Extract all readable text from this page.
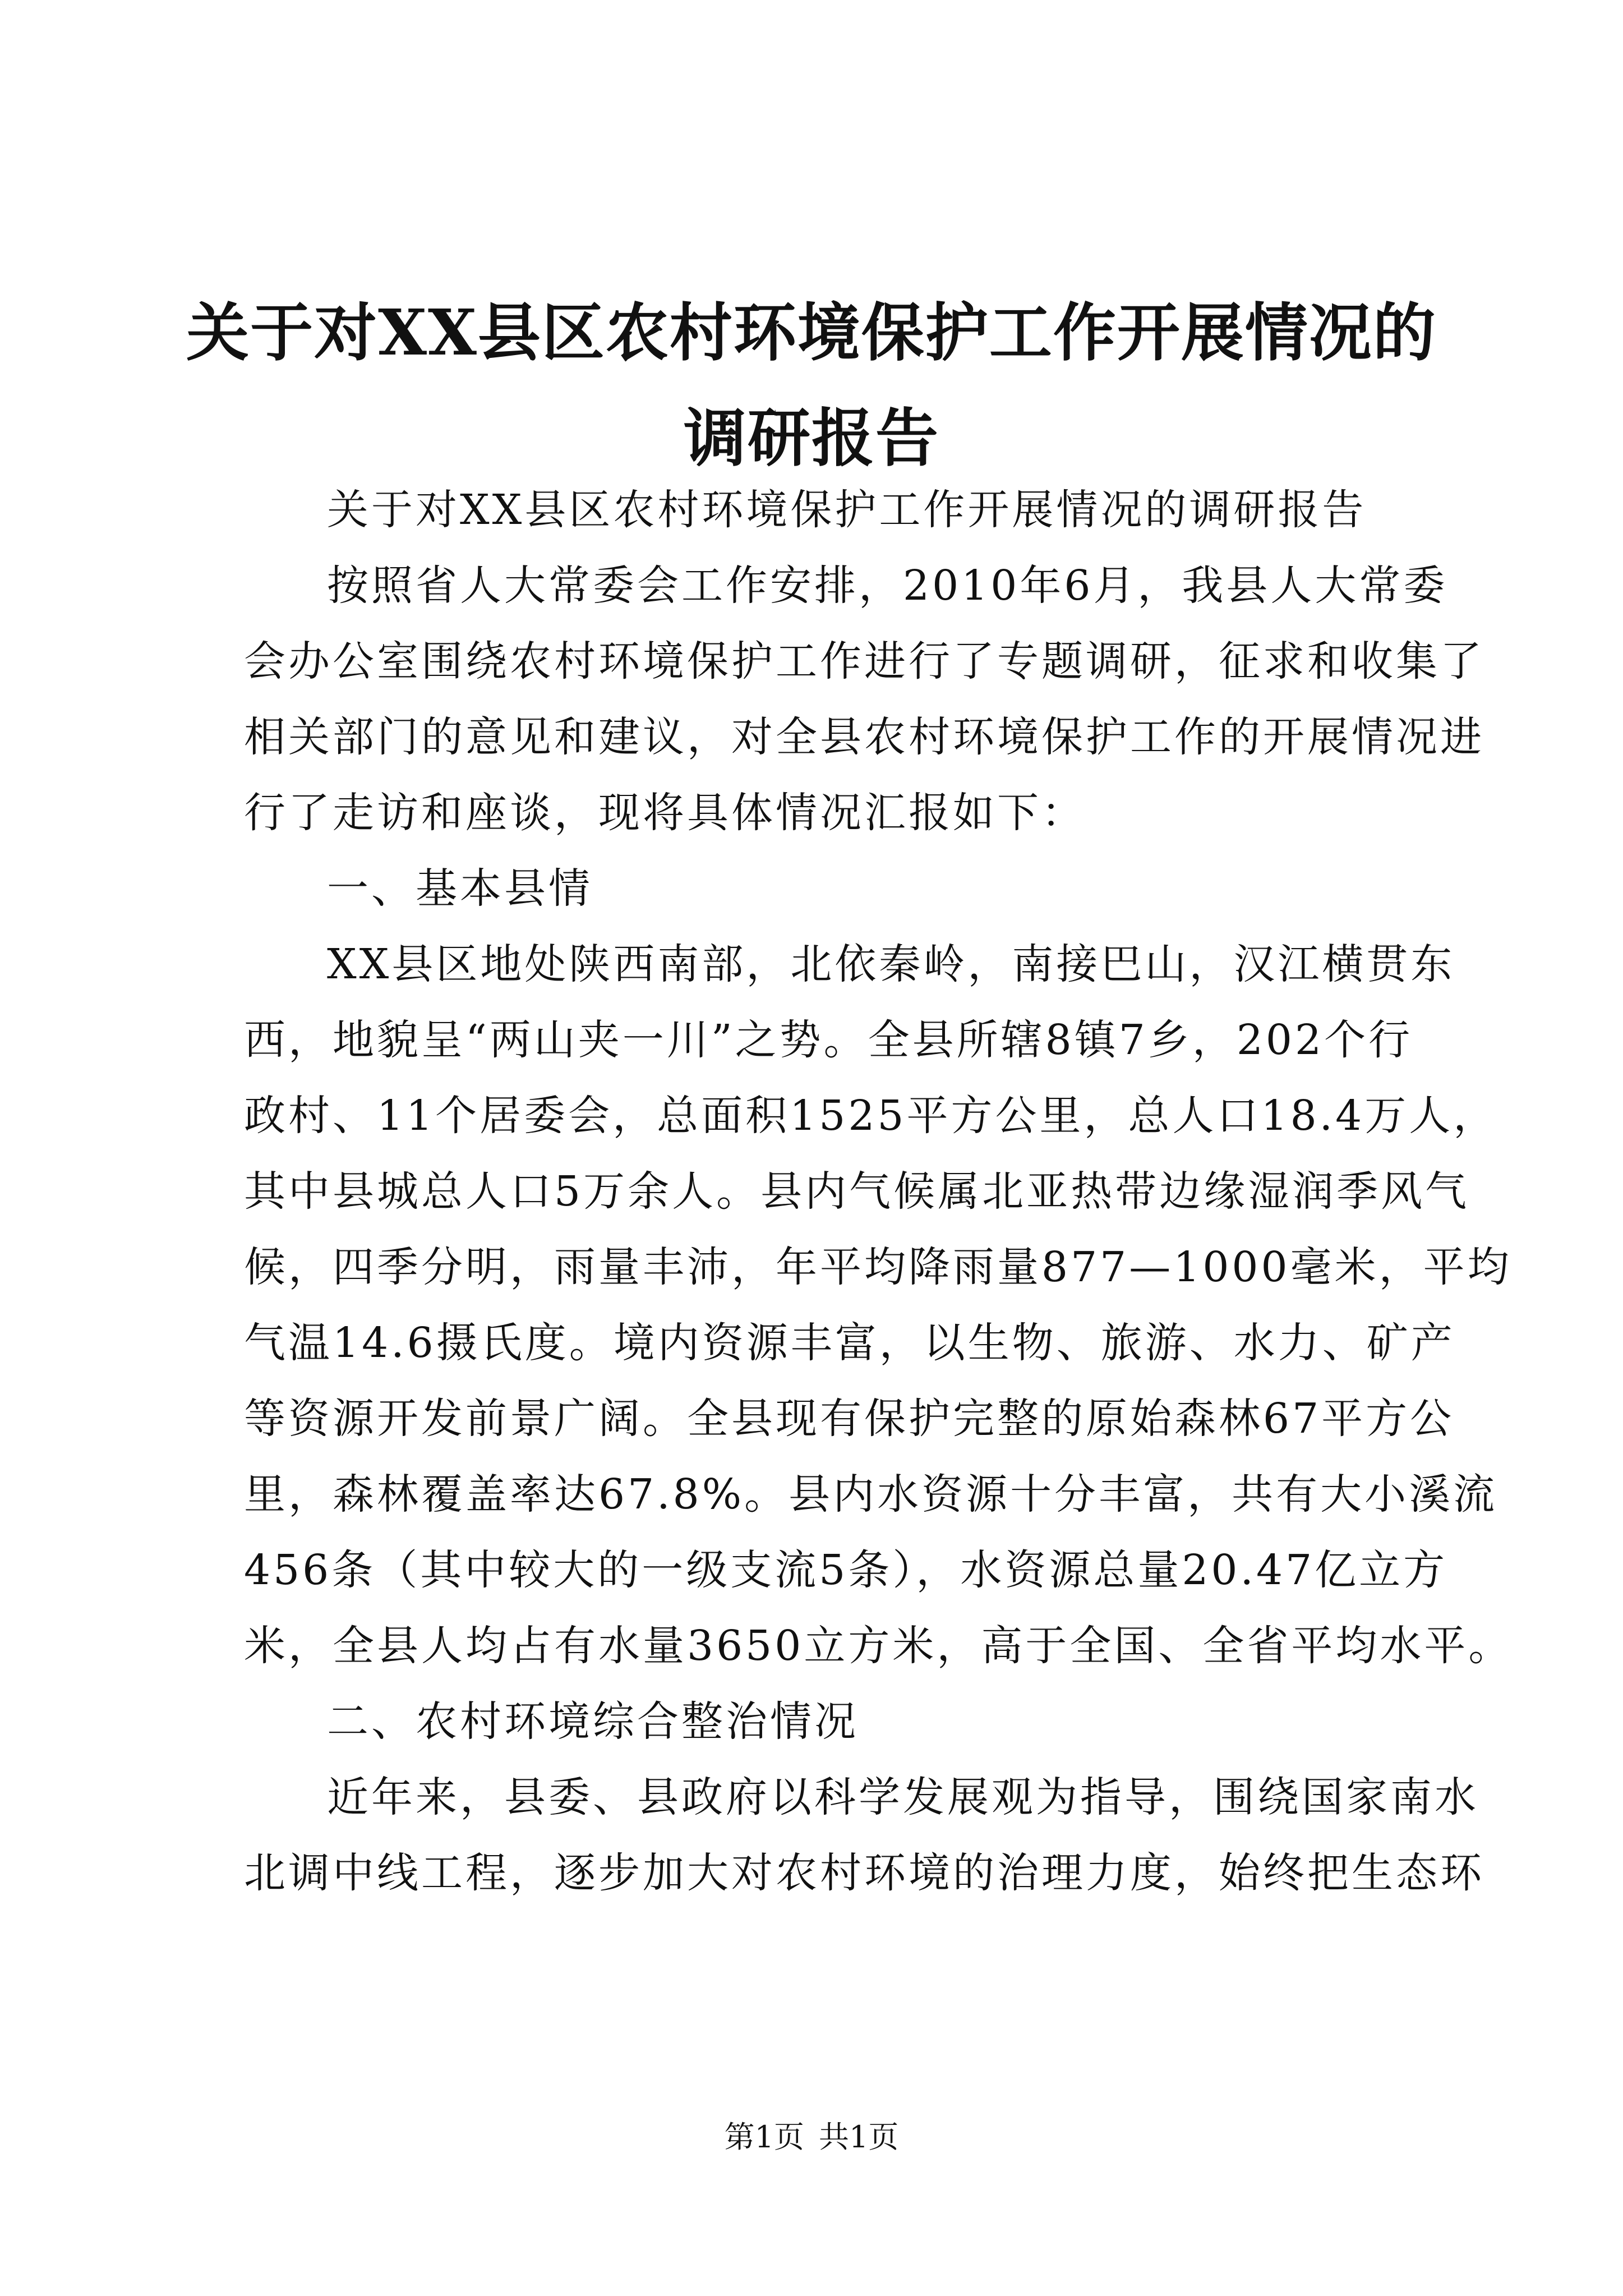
关于对XX县区农村环境保护工作开展情况的
调研报告
关于对XX县区农村环境保护工作开展情况的调研报告
按照省人大常委会工作安排，2010年6月，我县人大常委
会办公室围绕农村环境保护工作进行了专题调研，征求和收集了
相关部门的意见和建议，对全县农村环境保护工作的开展情况进
行了走访和座谈，现将具体情况汇报如下：
一、基本县情
XX县区地处陕西南部，北依秦岭，南接巴山，汉江横贯东
西，地貌呈“两山夹一川”之势。全县所辖8镇7乡，202个行
政村、11个居委会，总面积1525平方公里，总人口18.4万人，
其中县城总人口5万余人。县内气候属北亚热带边缘湿润季风气
候，四季分明，雨量丰沛，年平均降雨量877—1000毫米，平均
气温14.6摄氏度。境内资源丰富，以生物、旅游、水力、矿产
等资源开发前景广阔。全县现有保护完整的原始森林67平方公
里，森林覆盖率达67.8%。县内水资源十分丰富，共有大小溪流
456条（其中较大的一级支流5条），水资源总量20.47亿立方
米，全县人均占有水量3650立方米，高于全国、全省平均水平。
二、农村环境综合整治情况
近年来，县委、县政府以科学发展观为指导，围绕国家南水
北调中线工程，逐步加大对农村环境的治理力度，始终把生态环
第1页 共1页
